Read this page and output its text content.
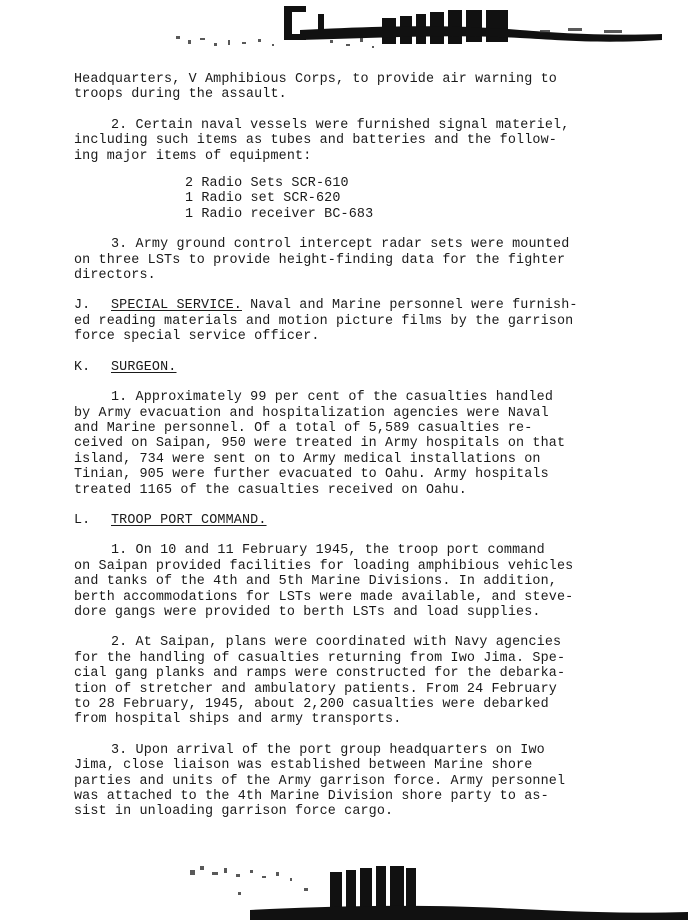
Headquarters, V Amphibious Corps, to provide air warning to
troops during the assault.

2. Certain naval vessels were furnished signal materiel,
including such items as tubes and batteries and the follow-
ing major items of equipment:

2 Radio Sets SCR-610
1 Radio set SCR-620
1 Radio receiver BC-683

3. Army ground control intercept radar sets were mounted
on three LSTs to provide height-finding data for the fighter
directors.

J. SPECIAL SERVICE. Naval and Marine personnel were furnish-
ed reading materials and motion picture films by the garrison
force special service officer.

K. SURGEON.

1. Approximately 99 per cent of the casualties handled
by Army evacuation and hospitalization agencies were Naval
and Marine personnel. Of a total of 5,589 casualties re-
ceived on Saipan, 950 were treated in Army hospitals on that
island, 734 were sent on to Army medical installations on
Tinian, 905 were further evacuated to Oahu. Army hospitals
treated 1165 of the casualties received on Oahu.

L. TROOP PORT COMMAND.

1. On 10 and 11 February 1945, the troop port command
on Saipan provided facilities for loading amphibious vehicles
and tanks of the 4th and 5th Marine Divisions. In addition,
berth accommodations for LSTs were made available, and steve-
dore gangs were provided to berth LSTs and load supplies.

2. At Saipan, plans were coordinated with Navy agencies
for the handling of casualties returning from Iwo Jima. Spe-
cial gang planks and ramps were constructed for the debarka-
tion of stretcher and ambulatory patients. From 24 February
to 28 February, 1945, about 2,200 casualties were debarked
from hospital ships and army transports.

3. Upon arrival of the port group headquarters on Iwo
Jima, close liaison was established between Marine shore
parties and units of the Army garrison force. Army personnel
was attached to the 4th Marine Division shore party to as-
sist in unloading garrison force cargo.
